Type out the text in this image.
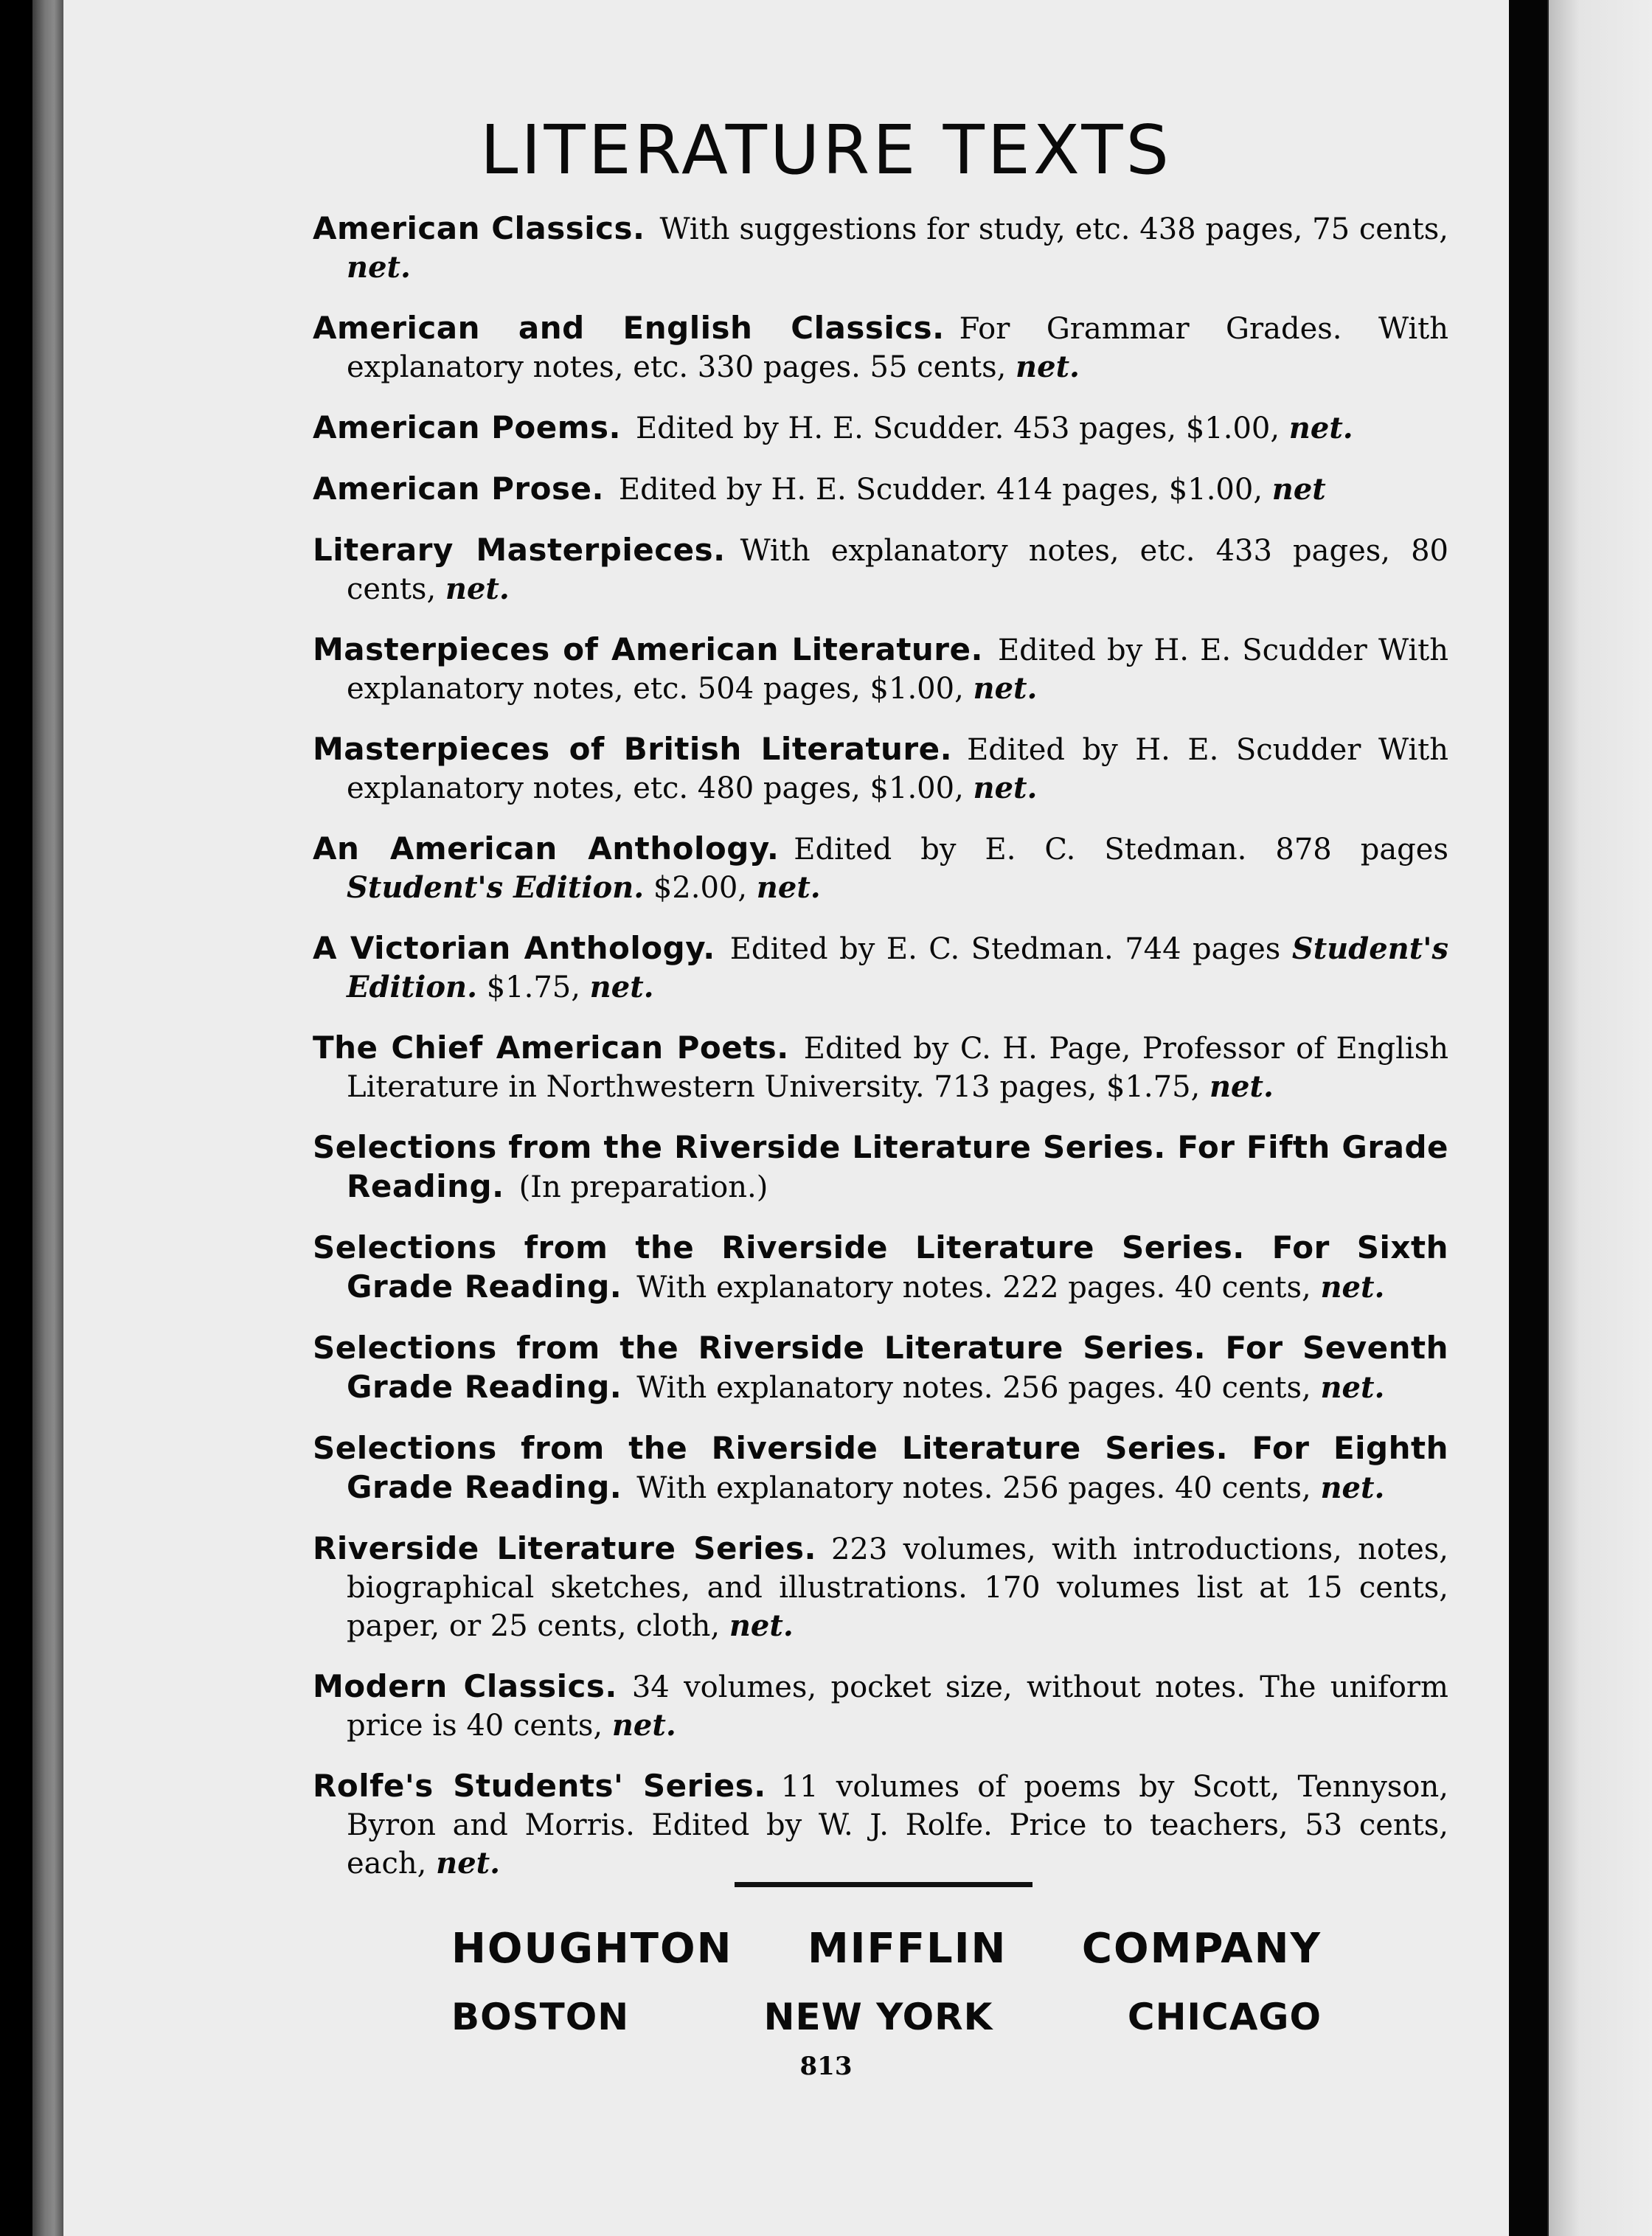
LITERATURE TEXTS

American Classics. With suggestions for study, etc. 438 pages, 75 cents, net.

American and English Classics. For Grammar Grades. With explanatory notes, etc. 330 pages. 55 cents, net.

American Poems. Edited by H. E. Scudder. 453 pages, $1.00, net.

American Prose. Edited by H. E. Scudder. 414 pages, $1.00, net

Literary Masterpieces. With explanatory notes, etc. 433 pages, 80 cents, net.

Masterpieces of American Literature. Edited by H. E. Scudder With explanatory notes, etc. 504 pages, $1.00, net.

Masterpieces of British Literature. Edited by H. E. Scudder With explanatory notes, etc. 480 pages, $1.00, net.

An American Anthology. Edited by E. C. Stedman. 878 pages Student's Edition. $2.00, net.

A Victorian Anthology. Edited by E. C. Stedman. 744 pages Student's Edition. $1.75, net.

The Chief American Poets. Edited by C. H. Page, Professor of English Literature in Northwestern University. 713 pages, $1.75, net.

Selections from the Riverside Literature Series. For Fifth Grade Reading. (In preparation.)

Selections from the Riverside Literature Series. For Sixth Grade Reading. With explanatory notes. 222 pages. 40 cents, net.

Selections from the Riverside Literature Series. For Seventh Grade Reading. With explanatory notes. 256 pages. 40 cents, net.

Selections from the Riverside Literature Series. For Eighth Grade Reading. With explanatory notes. 256 pages. 40 cents, net.

Riverside Literature Series. 223 volumes, with introductions, notes, biographical sketches, and illustrations. 170 volumes list at 15 cents, paper, or 25 cents, cloth, net.

Modern Classics. 34 volumes, pocket size, without notes. The uniform price is 40 cents, net.

Rolfe's Students' Series. 11 volumes of poems by Scott, Tennyson, Byron and Morris. Edited by W. J. Rolfe. Price to teachers, 53 cents, each, net.

HOUGHTON MIFFLIN COMPANY
BOSTON	NEW YORK	CHICAGO
813
